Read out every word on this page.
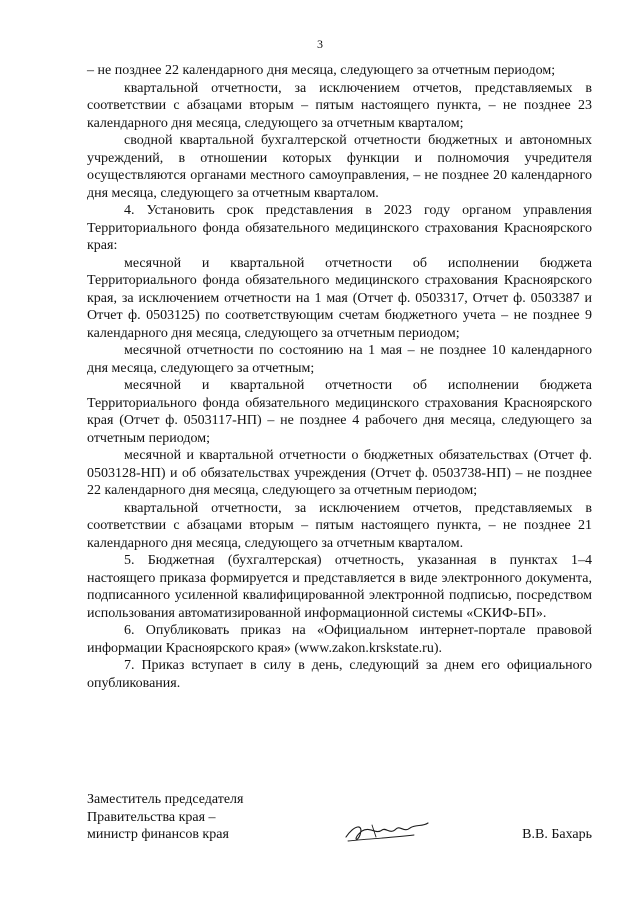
3

– не позднее 22 календарного дня месяца, следующего за отчетным периодом;

квартальной отчетности, за исключением отчетов, представляемых в соответствии с абзацами вторым – пятым настоящего пункта, – не позднее 23 календарного дня месяца, следующего за отчетным кварталом;

сводной квартальной бухгалтерской отчетности бюджетных и автономных учреждений, в отношении которых функции и полномочия учредителя осуществляются органами местного самоуправления, – не позднее 20 календарного дня месяца, следующего за отчетным кварталом.

4. Установить срок представления в 2023 году органом управления Территориального фонда обязательного медицинского страхования Красноярского края:

месячной и квартальной отчетности об исполнении бюджета Территориального фонда обязательного медицинского страхования Красноярского края, за исключением отчетности на 1 мая (Отчет ф. 0503317, Отчет ф. 0503387 и Отчет ф. 0503125) по соответствующим счетам бюджетного учета – не позднее 9 календарного дня месяца, следующего за отчетным периодом;

месячной отчетности по состоянию на 1 мая – не позднее 10 календарного дня месяца, следующего за отчетным;

месячной и квартальной отчетности об исполнении бюджета Территориального фонда обязательного медицинского страхования Красноярского края (Отчет ф. 0503117-НП) – не позднее 4 рабочего дня месяца, следующего за отчетным периодом;

месячной и квартальной отчетности о бюджетных обязательствах (Отчет ф. 0503128-НП) и об обязательствах учреждения (Отчет ф. 0503738-НП) – не позднее 22 календарного дня месяца, следующего за отчетным периодом;

квартальной отчетности, за исключением отчетов, представляемых в соответствии с абзацами вторым – пятым настоящего пункта, – не позднее 21 календарного дня месяца, следующего за отчетным кварталом.

5. Бюджетная (бухгалтерская) отчетность, указанная в пунктах 1–4 настоящего приказа формируется и представляется в виде электронного документа, подписанного усиленной квалифицированной электронной подписью, посредством использования автоматизированной информационной системы «СКИФ-БП».

6. Опубликовать приказ на «Официальном интернет-портале правовой информации Красноярского края» (www.zakon.krskstate.ru).

7. Приказ вступает в силу в день, следующий за днем его официального опубликования.

Заместитель председателя
Правительства края –
министр финансов края	В.В. Бахарь
